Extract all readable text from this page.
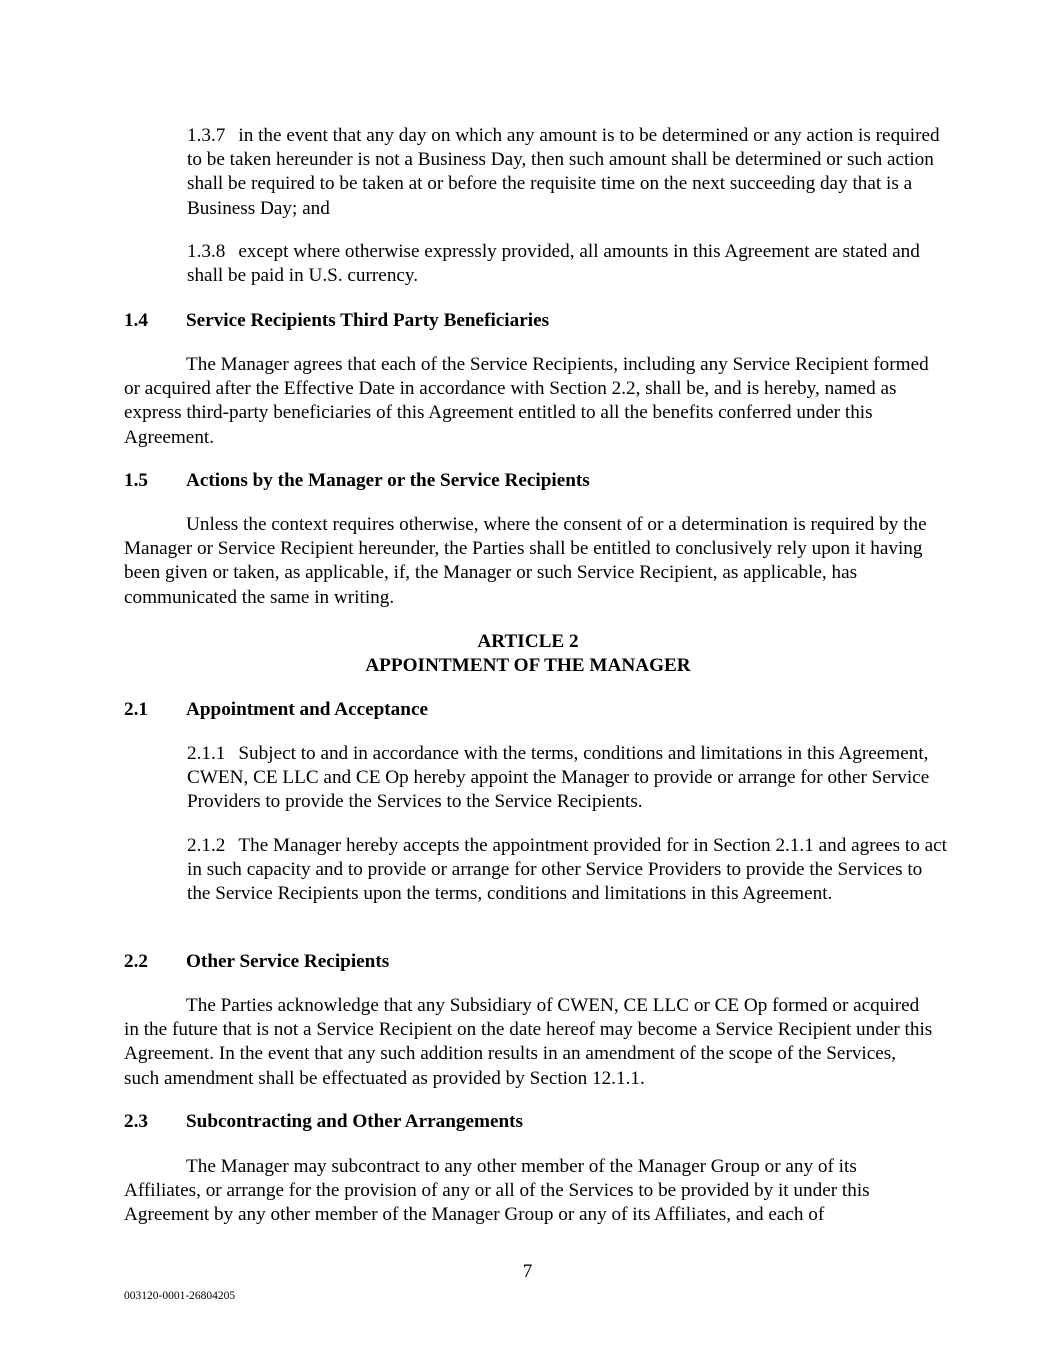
1.3.7 in the event that any day on which any amount is to be determined or any action is required to be taken hereunder is not a Business Day, then such amount shall be determined or such action shall be required to be taken at or before the requisite time on the next succeeding day that is a Business Day; and

1.3.8 except where otherwise expressly provided, all amounts in this Agreement are stated and shall be paid in U.S. currency.

1.4 Service Recipients Third Party Beneficiaries

The Manager agrees that each of the Service Recipients, including any Service Recipient formed or acquired after the Effective Date in accordance with Section 2.2, shall be, and is hereby, named as express third-party beneficiaries of this Agreement entitled to all the benefits conferred under this Agreement.

1.5 Actions by the Manager or the Service Recipients

Unless the context requires otherwise, where the consent of or a determination is required by the Manager or Service Recipient hereunder, the Parties shall be entitled to conclusively rely upon it having been given or taken, as applicable, if, the Manager or such Service Recipient, as applicable, has communicated the same in writing.

ARTICLE 2

APPOINTMENT OF THE MANAGER

2.1 Appointment and Acceptance

2.1.1 Subject to and in accordance with the terms, conditions and limitations in this Agreement, CWEN, CE LLC and CE Op hereby appoint the Manager to provide or arrange for other Service Providers to provide the Services to the Service Recipients.

2.1.2 The Manager hereby accepts the appointment provided for in Section 2.1.1 and agrees to act in such capacity and to provide or arrange for other Service Providers to provide the Services to the Service Recipients upon the terms, conditions and limitations in this Agreement.

2.2 Other Service Recipients

The Parties acknowledge that any Subsidiary of CWEN, CE LLC or CE Op formed or acquired in the future that is not a Service Recipient on the date hereof may become a Service Recipient under this Agreement. In the event that any such addition results in an amendment of the scope of the Services, such amendment shall be effectuated as provided by Section 12.1.1.

2.3 Subcontracting and Other Arrangements

The Manager may subcontract to any other member of the Manager Group or any of its Affiliates, or arrange for the provision of any or all of the Services to be provided by it under this Agreement by any other member of the Manager Group or any of its Affiliates, and each of

7

003120-0001-26804205
